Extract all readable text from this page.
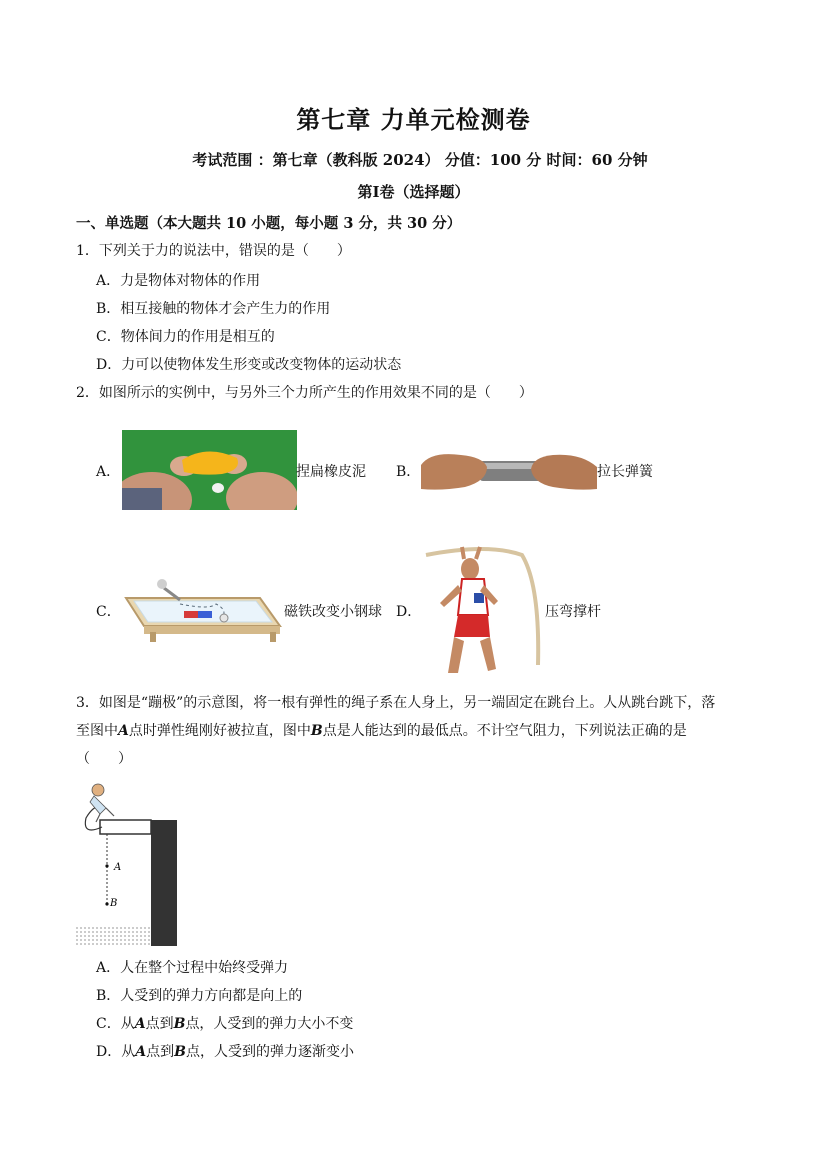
第七章 力单元检测卷
考试范围 ：第七章（教科版 2024） 分值：100 分 时间：60 分钟
第Ⅰ卷（选择题）
一、单选题（本大题共 10 小题，每小题 3 分，共 30 分）
1．下列关于力的说法中，错误的是（　　）
A．力是物体对物体的作用
B．相互接触的物体才会产生力的作用
C．物体间力的作用是相互的
D．力可以使物体发生形变或改变物体的运动状态
2．如图所示的实例中，与另外三个力所产生的作用效果不同的是（　　）
A．	捏扁橡皮泥 B．	拉长弹簧
C．	磁铁改变小钢球 D．	压弯撑杆
3．如图是“蹦极”的示意图，将一根有弹性的绳子系在人身上，另一端固定在跳台上。人从跳台跳下，落
至图中A点时弹性绳刚好被拉直，图中B点是人能达到的最低点。不计空气阻力，下列说法正确的是
（　　）
A
B
A．人在整个过程中始终受弹力
B．人受到的弹力方向都是向上的
C．从A点到B点，人受到的弹力大小不变
D．从A点到B点，人受到的弹力逐渐变小
